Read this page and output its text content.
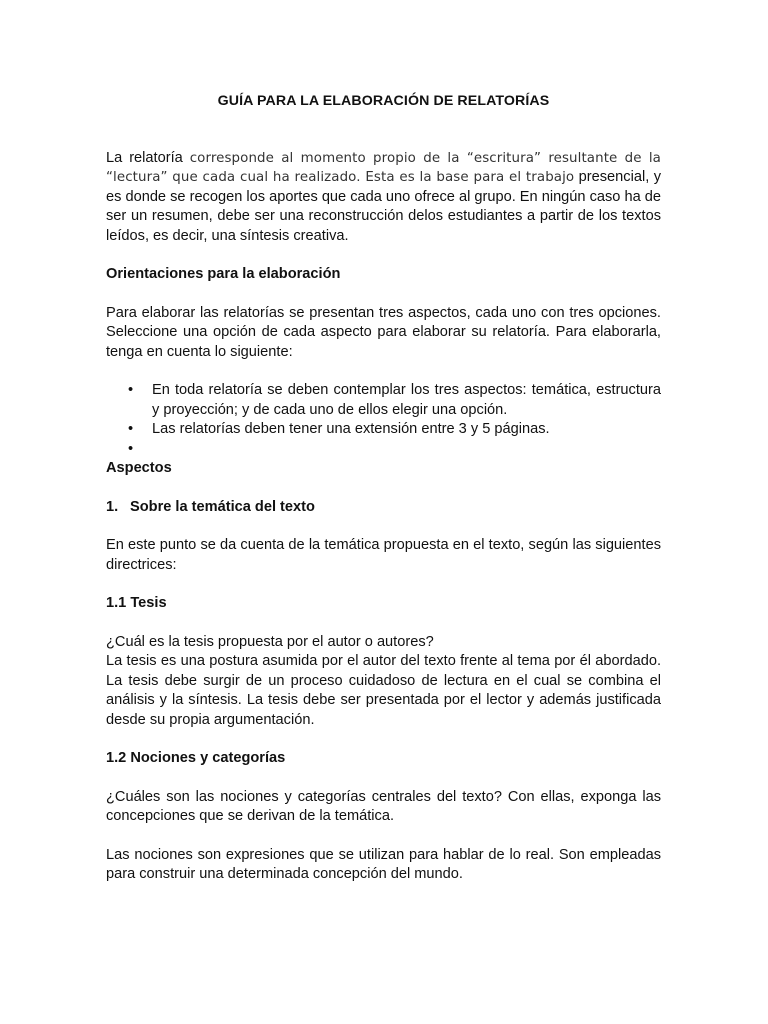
GUÍA PARA LA ELABORACIÓN DE RELATORÍAS

La relatoría corresponde al momento propio de la “escritura” resultante de la “lectura” que cada cual ha realizado. Esta es la base para el trabajo presencial, y es donde se recogen los aportes que cada uno ofrece al grupo. En ningún caso ha de ser un resumen, debe ser una reconstrucción delos estudiantes a partir de los textos leídos, es decir, una síntesis creativa.

Orientaciones para la elaboración

Para elaborar las relatorías se presentan tres aspectos, cada uno con tres opciones. Seleccione una opción de cada aspecto para elaborar su relatoría. Para elaborarla, tenga en cuenta lo siguiente:

• En toda relatoría se deben contemplar los tres aspectos: temática, estructura y proyección; y de cada uno de ellos elegir una opción.
• Las relatorías deben tener una extensión entre 3 y 5 páginas.
•
Aspectos
1. Sobre la temática del texto

En este punto se da cuenta de la temática propuesta en el texto, según las siguientes directrices:

1.1 Tesis

¿Cuál es la tesis propuesta por el autor o autores?

La tesis es una postura asumida por el autor del texto frente al tema por él abordado. La tesis debe surgir de un proceso cuidadoso de lectura en el cual se combina el análisis y la síntesis. La tesis debe ser presentada por el lector y además justificada desde su propia argumentación.

1.2 Nociones y categorías

¿Cuáles son las nociones y categorías centrales del texto? Con ellas, exponga las concepciones que se derivan de la temática.

Las nociones son expresiones que se utilizan para hablar de lo real. Son empleadas para construir una determinada concepción del mundo.
